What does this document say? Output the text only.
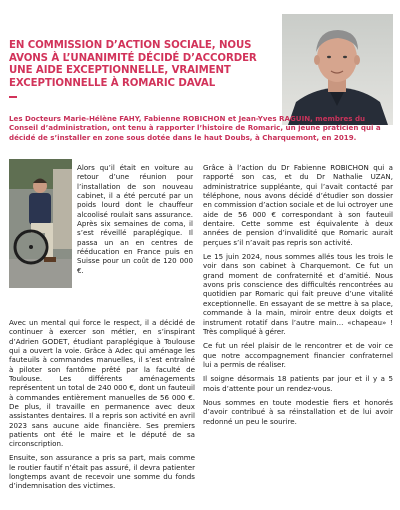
EN COMMISSION D’ACTION SOCIALE, NOUS AVONS À L’UNANIMITÉ DÉCIDÉ D’ACCORDER UNE AIDE EXCEPTIONNELLE, VRAIMENT EXCEPTIONNELLE À ROMARIC DAVAL
Les Docteurs Marie-Hélène FAHY, Fabienne ROBICHON et Jean-Yves RAGUIN, membres du Conseil d’administration, ont tenu à rapporter l’histoire de Romaric, un jeune praticien qui a décidé de s’installer en zone sous dotée dans le haut Doubs, à Charquemont, en 2019.

Alors qu’il était en voiture au retour d’une réunion pour l’installation de son nouveau cabinet, il a été percuté par un poids lourd dont le chauffeur alcoolisé roulait sans assurance. Après six semaines de coma, il s’est réveillé paraplégique. Il passa un an en centres de rééducation en France puis en Suisse pour un coût de 120 000 €.

Avec un mental qui force le respect, il a décidé de continuer à exercer son métier, en s’inspirant d’Adrien GODET, étudiant paraplégique à Toulouse qui a ouvert la voie. Grâce à Adec qui aménage les fauteuils à commandes manuelles, il s’est entraîné à piloter son fantôme prêté par la faculté de Toulouse. Les différents aménagements représentent un total de 240 000 €, dont un fauteuil à commandes entièrement manuelles de 56 000 €. De plus, il travaille en permanence avec deux assistantes dentaires. Il a repris son activité en avril 2023 sans aucune aide financière. Ses premiers patients ont été le maire et le député de sa circonscription.

Ensuite, son assurance a pris sa part, mais comme le routier fautif n’était pas assuré, il devra patienter longtemps avant de recevoir une somme du fonds d’indemnisation des victimes.

Grâce à l’action du Dr Fabienne ROBICHON qui a rapporté son cas, et du Dr Nathalie UZAN, administratrice suppléante, qui l’avait contacté par téléphone, nous avons décidé d’étudier son dossier en commission d’action sociale et de lui octroyer une aide de 56 000 € correspondant à son fauteuil dentaire. Cette somme est équivalente à deux années de pension d’invalidité que Romaric aurait perçues s’il n’avait pas repris son activité.

Le 15 juin 2024, nous sommes allés tous les trois le voir dans son cabinet à Charquemont. Ce fut un grand moment de confraternité et d’amitié. Nous avons pris conscience des difficultés rencontrées au quotidien par Romaric qui fait preuve d’une vitalité exceptionnelle. En essayant de se mettre à sa place, commande à la main, miroir entre deux doigts et instrument rotatif dans l’autre main… «chapeau» ! Très compliqué à gérer.

Ce fut un réel plaisir de le rencontrer et de voir ce que notre accompagnement financier confraternel lui a permis de réaliser.

Il soigne désormais 18 patients par jour et il y a 5 mois d’attente pour un rendez-vous.

Nous sommes en toute modestie fiers et honorés d’avoir contribué à sa réinstallation et de lui avoir redonné un peu le sourire.
